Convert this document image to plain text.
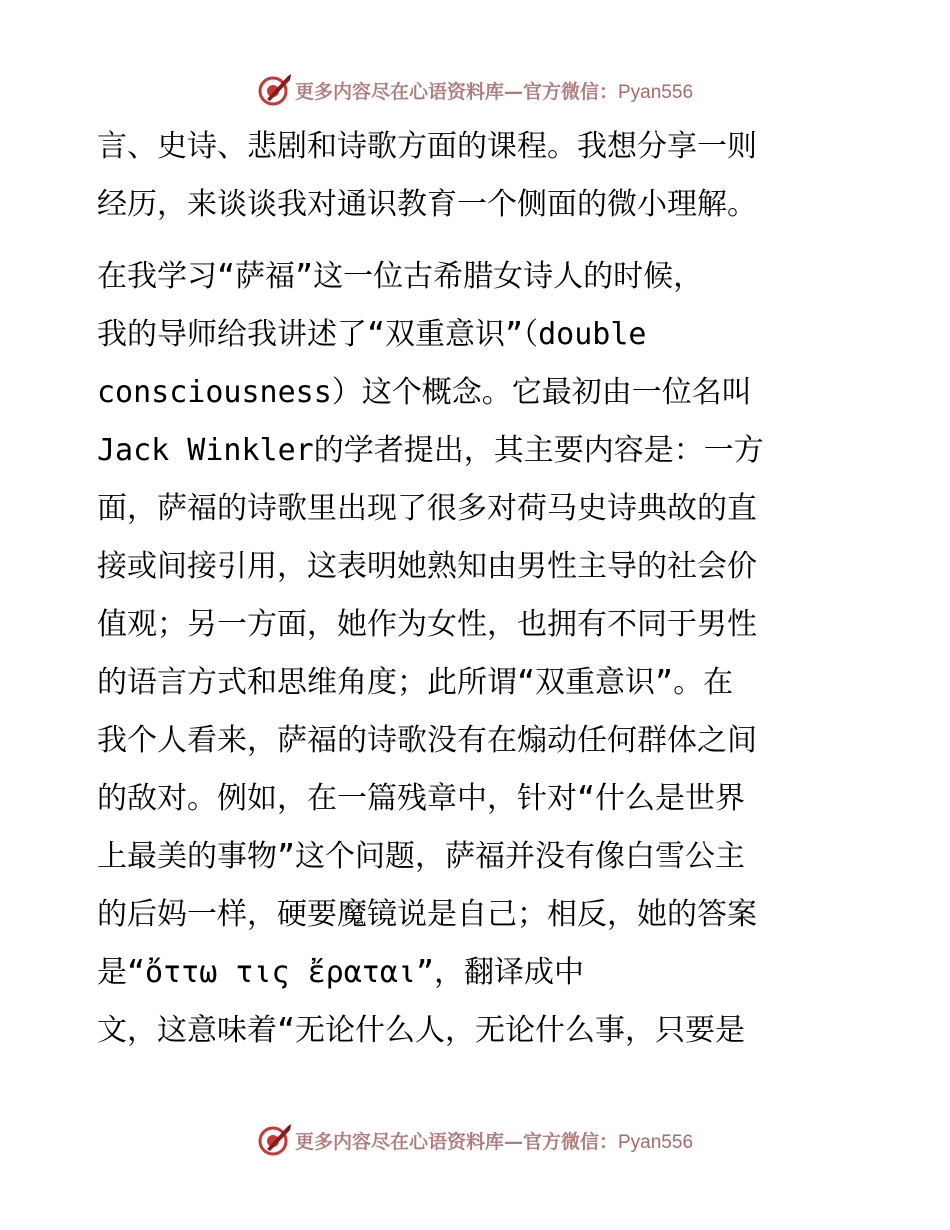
更多内容尽在心语资料库—官方微信：Pyan556
言、史诗、悲剧和诗歌方面的课程。我想分享一则
经历，来谈谈我对通识教育一个侧面的微小理解。
在我学习“萨福”这一位古希腊女诗人的时候，
我的导师给我讲述了“双重意识”（double
consciousness）这个概念。它最初由一位名叫
Jack Winkler的学者提出，其主要内容是：一方
面，萨福的诗歌里出现了很多对荷马史诗典故的直
接或间接引用，这表明她熟知由男性主导的社会价
值观；另一方面，她作为女性，也拥有不同于男性
的语言方式和思维角度；此所谓“双重意识”。在
我个人看来，萨福的诗歌没有在煽动任何群体之间
的敌对。例如，在一篇残章中，针对“什么是世界
上最美的事物”这个问题，萨福并没有像白雪公主
的后妈一样，硬要魔镜说是自己；相反，她的答案
是“ὄττω τις ἔραται”，翻译成中
文，这意味着“无论什么人，无论什么事，只要是
更多内容尽在心语资料库—官方微信：Pyan556
